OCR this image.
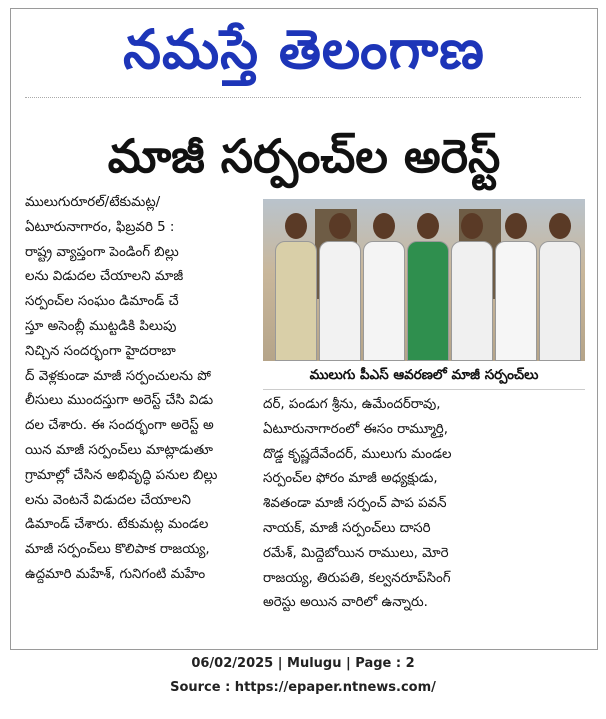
నమస్తే తెలంగాణ
మాజీ సర్పంచ్‌ల అరెస్ట్

ములుగురూరల్/టేకుమట్ల/

ఏటూరునాగారం, ఫిబ్రవరి 5 :

రాష్ట్ర వ్యాప్తంగా పెండింగ్ బిల్లు

లను విడుదల చేయాలని మాజీ

సర్పంచ్‌ల సంఘం డిమాండ్ చే

స్తూ అసెంబ్లీ ముట్టడికి పిలుపు

నిచ్చిన సందర్భంగా హైదరాబా

ద్ వెళ్లకుండా మాజీ సర్పంచులను పో

లీసులు ముందస్తుగా అరెస్ట్ చేసి విడు

దల చేశారు. ఈ సందర్భంగా అరెస్ట్ అ

యిన మాజీ సర్పంచ్‌లు మాట్లాడుతూ

గ్రామాల్లో చేసిన అభివృద్ధి పనుల బిల్లు

లను వెంటనే విడుదల చేయాలని

డిమాండ్ చేశారు. టేకుమట్ల మండల

మాజీ సర్పంచ్‌లు కొలిపాక రాజయ్య,

ఉద్దమారి మహేశ్, గునిగంటి మహేం

ములుగు పీఎస్ ఆవరణలో మాజీ సర్పంచ్‌లు

దర్, పండుగ శ్రీను, ఉమేందర్‌రావు,

ఏటూరునాగారంలో ఈసం రామ్మూర్తి,

దొడ్డ కృష్ణదేవేందర్, ములుగు మండల

సర్పంచ్‌ల ఫోరం మాజీ అధ్యక్షుడు,

శివతండా మాజీ సర్పంచ్ పాప పవన్

నాయక్, మాజీ సర్పంచ్‌లు దాసరి

రమేశ్, మిద్దెబోయిన రాములు, మోరె

రాజయ్య, తిరుపతి, కల్వనరూప్‌సింగ్

అరెస్టు అయిన వారిలో ఉన్నారు.

06/02/2025 | Mulugu | Page : 2
Source : https://epaper.ntnews.com/
